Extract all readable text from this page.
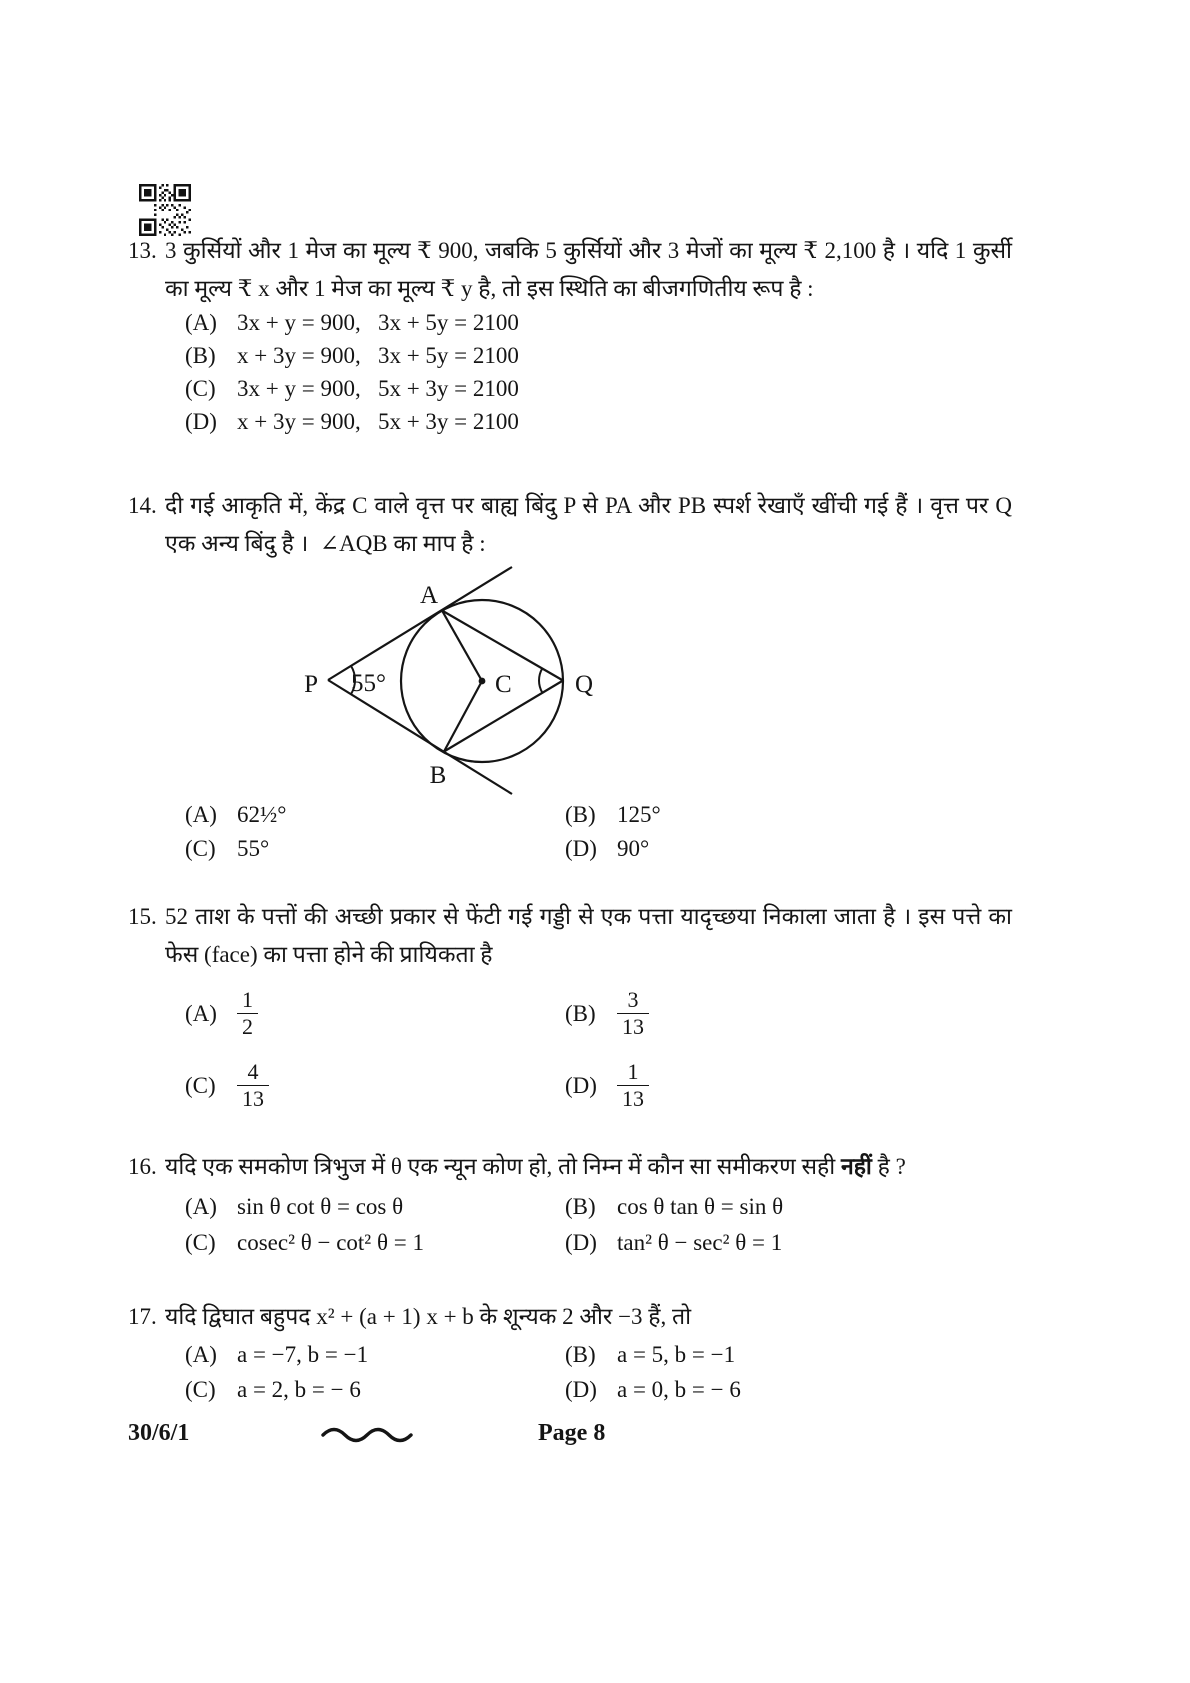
13. 3 कुर्सियों और 1 मेज का मूल्य ₹ 900, जबकि 5 कुर्सियों और 3 मेजों का मूल्य ₹ 2,100 है । यदि 1 कुर्सी का मूल्य ₹ x और 1 मेज का मूल्य ₹ y है, तो इस स्थिति का बीजगणितीय रूप है :
(A) 3x + y = 900,  3x + 5y = 2100
(B) x + 3y = 900,  3x + 5y = 2100
(C) 3x + y = 900,  5x + 3y = 2100
(D) x + 3y = 900,  5x + 3y = 2100
14. दी गई आकृति में, केंद्र C वाले वृत्त पर बाह्य बिंदु P से PA और PB स्पर्श रेखाएँ खींची गई हैं । वृत्त पर Q एक अन्य बिंदु है । ∠AQB का माप है :
P
A
B
C	Q
55°
(A) 62½°	(B) 125°
(C) 55°	(D) 90°
15. 52 ताश के पत्तों की अच्छी प्रकार से फेंटी गई गड्डी से एक पत्ता यादृच्छया निकाला जाता है । इस पत्ते का फेस (face) का पत्ता होने की प्रायिकता है
$(A) \frac{1}{2}$	$(B) \frac{3}{13}$
$(C) \frac{4}{13}$	$(D) \frac{1}{13}$
16. यदि एक समकोण त्रिभुज में θ एक न्यून कोण हो, तो निम्न में कौन सा समीकरण सही नहीं है ?
(A) sin θ cot θ = cos θ	(B) cos θ tan θ = sin θ
(C) cosec² θ − cot² θ = 1	(D) tan² θ − sec² θ = 1
17. यदि द्विघात बहुपद x² + (a + 1) x + b के शून्यक 2 और −3 हैं, तो
(A) a = −7, b = −1	(B) a = 5, b = −1
(C) a = 2, b = − 6	(D) a = 0, b = − 6
30/6/1	Page 8
